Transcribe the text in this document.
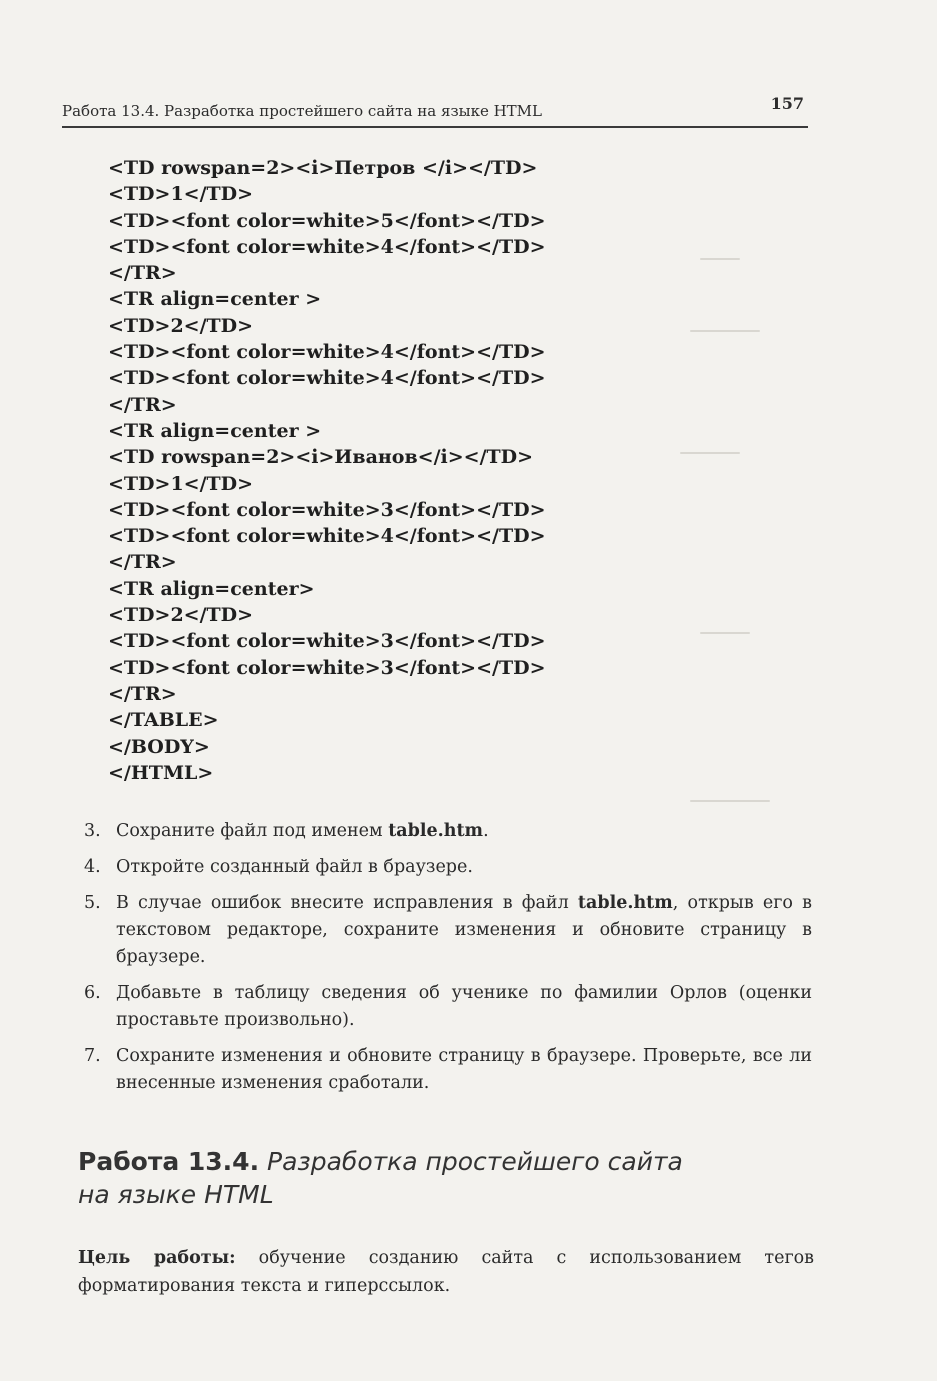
Работа 13.4. Разработка простейшего сайта на языке HTML	157
<TD rowspan=2><i>Петров </i></TD>
<TD>1</TD>
<TD><font color=white>5</font></TD>
<TD><font color=white>4</font></TD>
</TR>
<TR align=center >
<TD>2</TD>
<TD><font color=white>4</font></TD>
<TD><font color=white>4</font></TD>
</TR>
<TR align=center >
<TD rowspan=2><i>Иванов</i></TD>
<TD>1</TD>
<TD><font color=white>3</font></TD>
<TD><font color=white>4</font></TD>
</TR>
<TR align=center>
<TD>2</TD>
<TD><font color=white>3</font></TD>
<TD><font color=white>3</font></TD>
</TR>
</TABLE>
</BODY>
</HTML>
3. Сохраните файл под именем table.htm.
4. Откройте созданный файл в браузере.
5. В случае ошибок внесите исправления в файл table.htm, открыв его в текстовом редакторе, сохраните изменения и обновите страницу в браузере.
6. Добавьте в таблицу сведения об ученике по фамилии Орлов (оценки проставьте произвольно).
7. Сохраните изменения и обновите страницу в браузере. Проверьте, все ли внесенные изменения сработали.
Работа 13.4. Разработка простейшего сайта
на языке HTML

Цель работы: обучение созданию сайта с использованием тегов форматирования текста и гиперссылок.
